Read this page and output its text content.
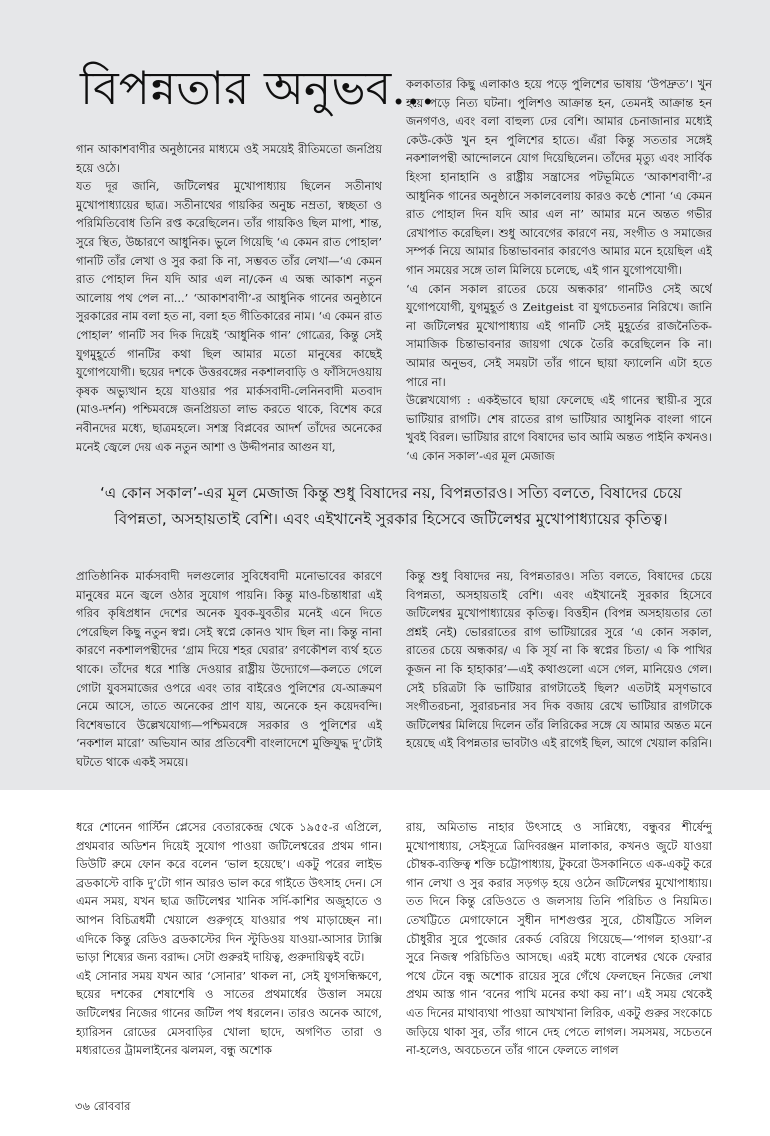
বিপন্নতার অনুভব...
গান আকাশবাণীর অনুষ্ঠানের মাধ্যমে ওই সময়েই রীতিমতো জনপ্রিয় হয়ে ওঠে।
যত দূর জানি, জটিলেশ্বর মুখোপাধ্যায় ছিলেন সতীনাথ মুখোপাধ্যায়ের ছাত্র। সতীনাথের গায়কির অনুচ্চ নম্রতা, স্বচ্ছতা ও পরিমিতিবোধ তিনি রপ্ত করেছিলেন। তাঁর গায়কিও ছিল মাপা, শান্ত, সুরে স্থিত, উচ্চারণে আধুনিক। ভুলে গিয়েছি ‘এ কেমন রাত পোহাল’ গানটি তাঁর লেখা ও সুর করা কি না, সম্ভবত তাঁর লেখা—‘এ কেমন রাত পোহাল দিন যদি আর এল না/কেন এ অন্ধ আকাশ নতুন আলোয় পথ পেল না...’ ‘আকাশবাণী’-র আধুনিক গানের অনুষ্ঠানে সুরকারের নাম বলা হত না, বলা হত গীতিকারের নাম। ‘এ কেমন রাত পোহাল’ গানটি সব দিক দিয়েই ‘আধুনিক গান’ গোত্রের, কিন্তু সেই যুগমুহূর্তে গানটির কথা ছিল আমার মতো মানুষের কাছেই যুগোপযোগী। ছয়ের দশকে উত্তরবঙ্গের নকশালবাড়ি ও ফাঁসিদেওয়ায় কৃষক অভ্যুত্থান হয়ে যাওয়ার পর মার্কসবাদী-লেনিনবাদী মতবাদ (মাও-দর্শন) পশ্চিমবঙ্গে জনপ্রিয়তা লাভ করতে থাকে, বিশেষ করে নবীনদের মধ্যে, ছাত্রমহলে। সশস্ত্র বিপ্লবের আদর্শ তাঁদের অনেকের মনেই জ্বেলে দেয় এক নতুন আশা ও উদ্দীপনার আগুন যা,
কলকাতার কিছু এলাকাও হয়ে পড়ে পুলিশের ভাষায় ‘উপদ্রুত’। খুন হয়ে পড়ে নিত্য ঘটনা। পুলিশও আক্রান্ত হন, তেমনই আক্রান্ত হন জনগণও, এবং বলা বাহুল্য ঢের বেশি। আমার চেনাজানার মধ্যেই কেউ-কেউ খুন হন পুলিশের হাতে। এঁরা কিন্তু সততার সঙ্গেই নকশালপন্থী আন্দোলনে যোগ দিয়েছিলেন। তাঁদের মৃত্যু এবং সার্বিক হিংসা হানাহানি ও রাষ্ট্রীয় সন্ত্রাসের পটভূমিতে ‘আকাশবাণী’-র আধুনিক গানের অনুষ্ঠানে সকালবেলায় কারও কণ্ঠে শোনা ‘এ কেমন রাত পোহাল দিন যদি আর এল না’ আমার মনে অন্তত গভীর রেখাপাত করেছিল। শুধু আবেগের কারণে নয়, সংগীত ও সমাজের সম্পর্ক নিয়ে আমার চিন্তাভাবনার কারণেও আমার মনে হয়েছিল এই গান সময়ের সঙ্গে তাল মিলিয়ে চলেছে, এই গান যুগোপযোগী।
‘এ কোন সকাল রাতের চেয়ে অন্ধকার’ গানটিও সেই অর্থে যুগোপযোগী, যুগমুহূর্ত ও Zeitgeist বা যুগচেতনার নিরিখে। জানি না জটিলেশ্বর মুখোপাধ্যায় এই গানটি সেই মুহূর্তের রাজনৈতিক-সামাজিক চিন্তাভাবনার জায়গা থেকে তৈরি করেছিলেন কি না। আমার অনুভব, সেই সময়টা তাঁর গানে ছায়া ফ্যালেনি এটা হতে পারে না।
উল্লেখযোগ্য : একইভাবে ছায়া ফেলেছে এই গানের স্থায়ী-র সুরে ভাটিয়ার রাগটি। শেষ রাতের রাগ ভাটিয়ার আধুনিক বাংলা গানে খুবই বিরল। ভাটিয়ার রাগে বিষাদের ভাব আমি অন্তত পাইনি কখনও। ‘এ কোন সকাল’-এর মূল মেজাজ
‘এ কোন সকাল’-এর মূল মেজাজ কিন্তু শুধু বিষাদের নয়, বিপন্নতারও। সত্যি বলতে, বিষাদের চেয়ে বিপন্নতা, অসহায়তাই বেশি। এবং এইখানেই সুরকার হিসেবে জটিলেশ্বর মুখোপাধ্যায়ের কৃতিত্ব।
প্রাতিষ্ঠানিক মার্কসবাদী দলগুলোর সুবিধেবাদী মনোভাবের কারণে মানুষের মনে জ্বলে ওঠার সুযোগ পায়নি। কিন্তু মাও-চিন্তাধারা এই গরিব কৃষিপ্রধান দেশের অনেক যুবক-যুবতীর মনেই এনে দিতে পেরেছিল কিছু নতুন স্বপ্ন। সেই স্বপ্নে কোনও খাদ ছিল না। কিন্তু নানা কারণে নকশালপন্থীদের ‘গ্রাম দিয়ে শহর ঘেরার’ রণকৌশল ব্যর্থ হতে থাকে। তাঁদের ধরে শাস্তি দেওয়ার রাষ্ট্রীয় উদ্যোগে—কলতে গেলে গোটা যুবসমাজের ওপরে এবং তার বাইরেও পুলিশের যে-আক্রমণ নেমে আসে, তাতে অনেকের প্রাণ যায়, অনেকে হন কয়েদবন্দি। বিশেষভাবে উল্লেখযোগ্য—পশ্চিমবঙ্গে সরকার ও পুলিশের এই ‘নকশাল মারো’ অভিযান আর প্রতিবেশী বাংলাদেশে মুক্তিযুদ্ধ দু’টোই ঘটতে থাকে একই সময়ে।
কিন্তু শুধু বিষাদের নয়, বিপন্নতারও। সত্যি বলতে, বিষাদের চেয়ে বিপন্নতা, অসহায়তাই বেশি। এবং এইখানেই সুরকার হিসেবে জটিলেশ্বর মুখোপাধ্যায়ের কৃতিত্ব। বিত্তহীন (বিপন্ন অসহায়তার তো প্রশ্নই নেই) ভোররাতের রাগ ভাটিয়ারের সুরে ‘এ কোন সকাল, রাতের চেয়ে অন্ধকার/ এ কি সূর্য না কি স্বপ্নের চিতা/ এ কি পাখির কূজন না কি হাহাকার’—এই কথাগুলো এসে গেল, মানিয়েও গেল। সেই চরিত্রটা কি ভাটিয়ার রাগটাতেই ছিল? এতটাই মসৃণভাবে সংগীতরচনা, সুরারচনার সব দিক বজায় রেখে ভাটিয়ার রাগটাকে জটিলেশ্বর মিলিয়ে দিলেন তাঁর লিরিকের সঙ্গে যে আমার অন্তত মনে হয়েছে এই বিপন্নতার ভাবটাও এই রাগেই ছিল, আগে খেয়াল করিনি।
ধরে শোনেন গার্স্টিন প্লেসের বেতারকেন্দ্র থেকে ১৯৫৫-র এপ্রিলে, প্রথমবার অডিশন দিয়েই সুযোগ পাওয়া জটিলেশ্বরের প্রথম গান। ডিউটি রুমে ফোন করে বলেন ‘ভাল হয়েছে’। একটু পরের লাইভ ব্রডকাস্টে বাকি দু’টো গান আরও ভাল করে গাইতে উৎসাহ দেন। সে এমন সময়, যখন ছাত্র জটিলেশ্বর খানিক সর্দি-কাশির অজুহাতে ও আপন বিচিত্রধর্মী খেয়ালে গুরুগৃহে যাওয়ার পথ মাড়াচ্ছেন না। এদিকে কিন্তু রেডিও ব্রডকাস্টের দিন স্টুডিওয় যাওয়া-আসার ট্যাক্সি ভাড়া শিষ্যের জন্য বরাদ্দ। সেটা গুরুরই দায়িত্ব, গুরুদায়িত্বই বটে।
এই সোনার সময় যখন আর ‘সোনার’ থাকল না, সেই যুগসন্ধিক্ষণে, ছয়ের দশকের শেষাশেষি ও সাতের প্রথমার্ধের উত্তাল সময়ে জটিলেশ্বর নিজের গানের জটিল পথ ধরলেন। তারও অনেক আগে, হ্যারিসন রোডের মেসবাড়ির খোলা ছাদে, অগণিত তারা ও মধ্যরাতের ট্রামলাইনের ঝলমল, বন্ধু অশোক
রায়, অমিতাভ নাহার উৎসাহে ও সান্নিধ্যে, বন্ধুবর শীর্ষেন্দু মুখোপাধ্যায়, সেইসূত্রে ত্রিদিবরঞ্জন মালাকার, কখনও জুটে যাওয়া চৌম্বক-ব্যক্তিত্ব শক্তি চট্টোপাধ্যায়, টুকরো উসকানিতে এক-একটু করে গান লেখা ও সুর করার সড়গড় হয়ে ওঠেন জটিলেশ্বর মুখোপাধ্যায়। তত দিনে কিন্তু রেডিওতে ও জলসায় তিনি পরিচিত ও নিয়মিত। তেখট্টিতে মেগাফোনে সুধীন দাশগুপ্তর সুরে, চৌষট্টিতে সলিল চৌধুরীর সুরে পুজোর রেকর্ড বেরিয়ে গিয়েছে—‘পাগল হাওয়া’-র সুরে নিজস্ব পরিচিতিও আসছে। এরই মধ্যে বালেশ্বর থেকে ফেরার পথে টেনে বন্ধু অশোক রায়ের সুরে গেঁথে ফেলছেন নিজের লেখা প্রথম আস্ত গান ‘বনের পাখি মনের কথা কয় না’। এই সময় থেকেই এত দিনের মাথাব্যথা পাওয়া আখখানা লিরিক, একটু গুরুর সংকোচে জড়িয়ে থাকা সুর, তাঁর গানে দেহ পেতে লাগল। সমসময়, সচেতনে না-হলেও, অবচেতনে তাঁর গানে ফেলতে লাগল
৩৬ রোববার
